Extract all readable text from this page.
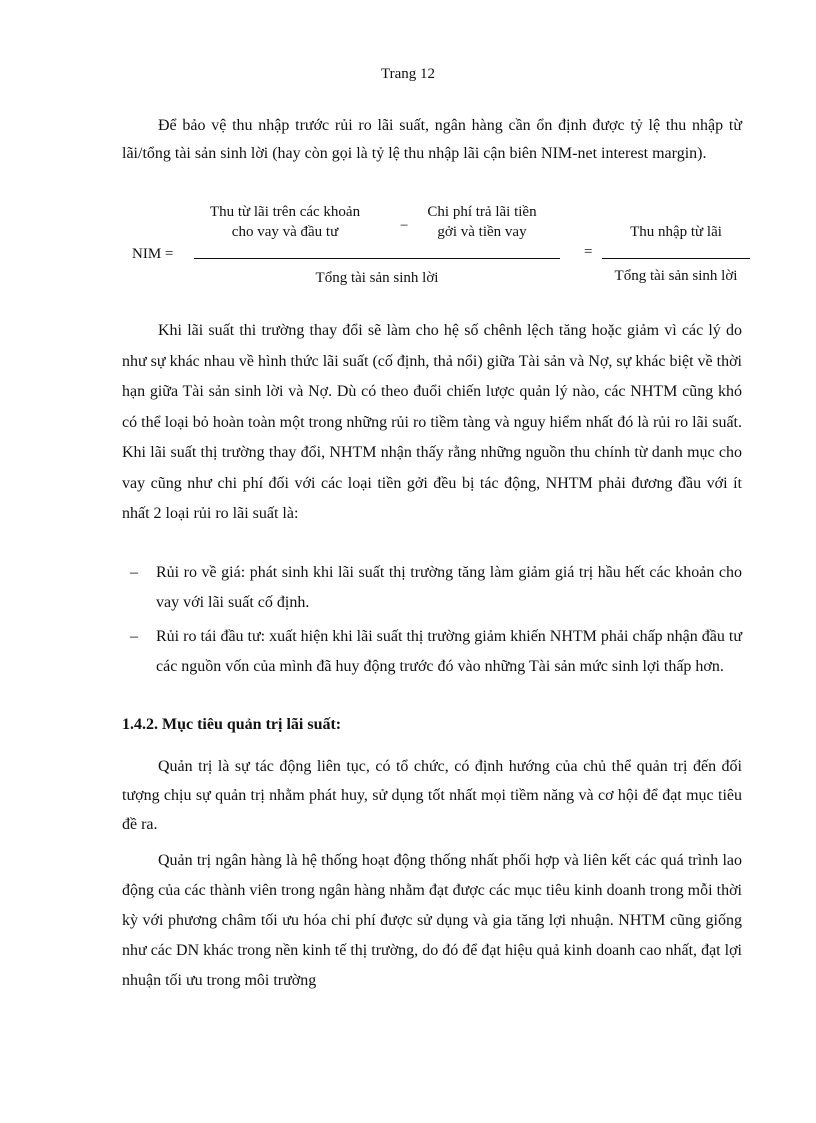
Trang 12

Để bảo vệ thu nhập trước rủi ro lãi suất, ngân hàng cần ổn định được tỷ lệ thu nhập từ lãi/tổng tài sản sinh lời (hay còn gọi là tỷ lệ thu nhập lãi cận biên NIM-net interest margin).

NIM =
Thu từ lãi trên các khoản
cho vay và đầu tư	−
Chi phí trả lãi tiền
gởi và tiền vay
Tổng tài sản sinh lời
=
Thu nhập từ lãi
Tổng tài sản sinh lời

Khi lãi suất thi trường thay đổi sẽ làm cho hệ số chênh lệch tăng hoặc giảm vì các lý do như sự khác nhau về hình thức lãi suất (cố định, thả nổi) giữa Tài sản và Nợ, sự khác biệt về thời hạn giữa Tài sản sinh lời và Nợ. Dù có theo đuổi chiến lược quản lý nào, các NHTM cũng khó có thể loại bỏ hoàn toàn một trong những rủi ro tiềm tàng và nguy hiểm nhất đó là rủi ro lãi suất. Khi lãi suất thị trường thay đổi, NHTM nhận thấy rằng những nguồn thu chính từ danh mục cho vay cũng như chi phí đối với các loại tiền gởi đều bị tác động, NHTM phải đương đầu với ít nhất 2 loại rủi ro lãi suất là:

– Rủi ro về giá: phát sinh khi lãi suất thị trường tăng làm giảm giá trị hầu hết các khoản cho vay với lãi suất cố định.
– Rủi ro tái đầu tư: xuất hiện khi lãi suất thị trường giảm khiến NHTM phải chấp nhận đầu tư các nguồn vốn của mình đã huy động trước đó vào những Tài sản mức sinh lợi thấp hơn.
1.4.2. Mục tiêu quản trị lãi suất:

Quản trị là sự tác động liên tục, có tổ chức, có định hướng của chủ thể quản trị đến đối tượng chịu sự quản trị nhằm phát huy, sử dụng tốt nhất mọi tiềm năng và cơ hội để đạt mục tiêu đề ra.

Quản trị ngân hàng là hệ thống hoạt động thống nhất phối hợp và liên kết các quá trình lao động của các thành viên trong ngân hàng nhằm đạt được các mục tiêu kinh doanh trong mỗi thời kỳ với phương châm tối ưu hóa chi phí được sử dụng và gia tăng lợi nhuận. NHTM cũng giống như các DN khác trong nền kinh tế thị trường, do đó để đạt hiệu quả kinh doanh cao nhất, đạt lợi nhuận tối ưu trong môi trường
